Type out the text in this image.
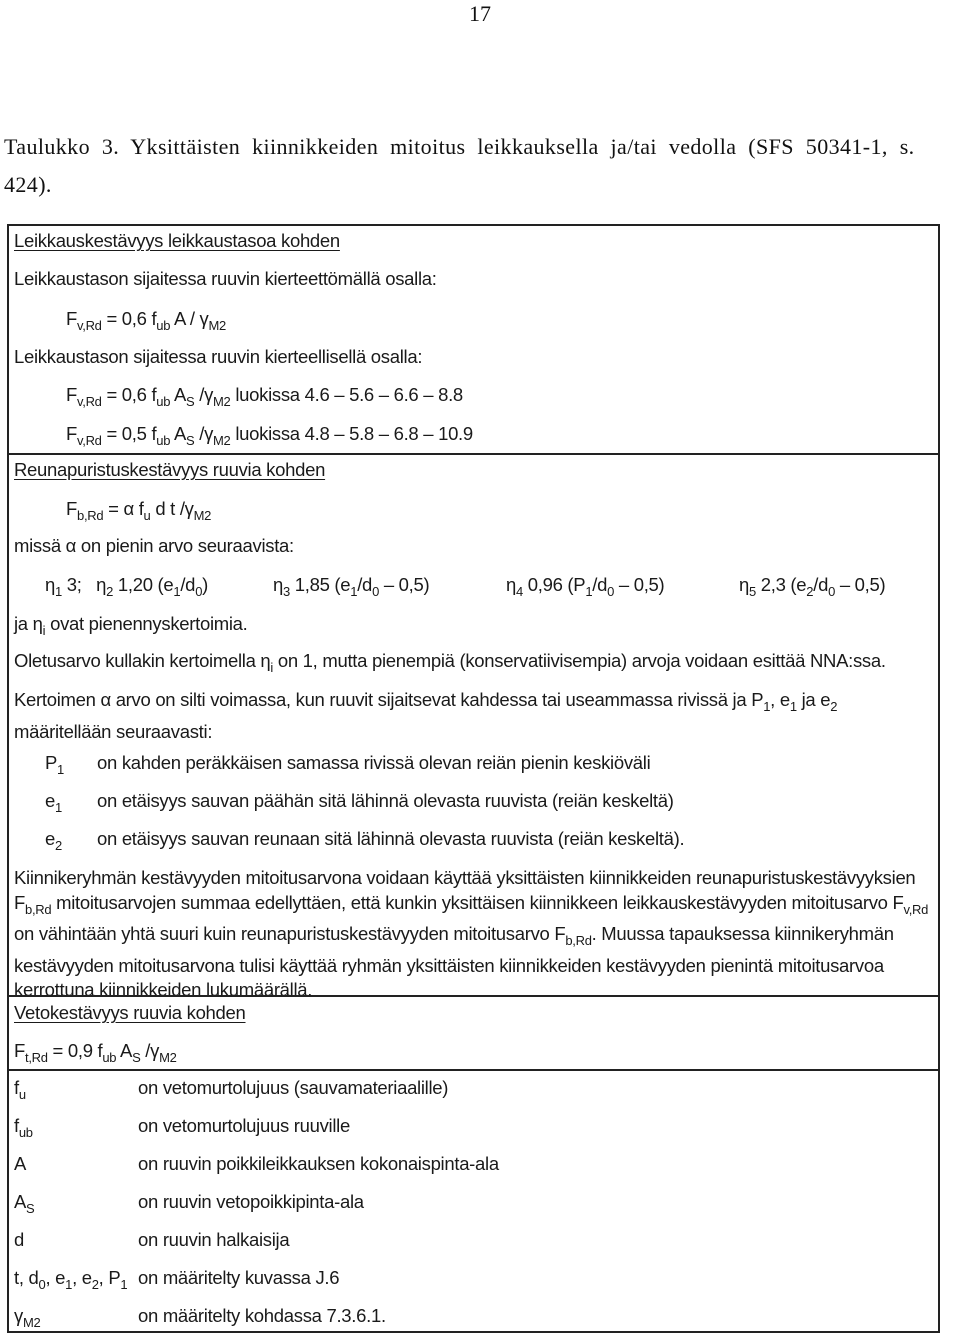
17
Taulukko 3. Yksittäisten kiinnikkeiden mitoitus leikkauksella ja/tai vedolla (SFS 50341-1, s. 424).
Leikkauskestävyys leikkaustasoa kohden
Leikkaustason sijaitessa ruuvin kierteettömällä osalla:
$F_{v,Rd} = 0,6$ $f_{ub}$ A / $\gamma_{M2}$
Leikkaustason sijaitessa ruuvin kierteellisellä osalla:
$F_{v,Rd} = 0,6$ $f_{ub}$ $A_S$ $/\gamma_{M2}$ luokissa 4.6 – 5.6 – 6.6 – 8.8
$F_{v,Rd} = 0,5$ $f_{ub}$ $A_S$ $/\gamma_{M2}$ luokissa 4.8 – 5.8 – 6.8 – 10.9
Reunapuristuskestävyys ruuvia kohden
$F_{b,Rd} = \alpha$ $f_u$ d t $/\gamma_{M2}$
missä α on pienin arvo seuraavista:
$\eta_1$ 3;   $\eta_2$ 1,20 $(e_1/d_0)$	$\eta_3$ 1,85 $(e_1/d_0 - 0,5)$	$\eta_4$ 0,96 $(P_1/d_0 - 0,5)$	$\eta_5$ 2,3 $(e_2/d_0 - 0,5)$
ja $\eta_i$ ovat pienennyskertoimia.
Oletusarvo kullakin kertoimella $\eta_i$ on 1, mutta pienempiä (konservatiivisempia) arvoja voidaan esittää NNA:ssa.
Kertoimen α arvo on silti voimassa, kun ruuvit sijaitsevat kahdessa tai useammassa rivissä ja $P_1$, $e_1$ ja $e_2$ määritellään seuraavasti:
$P_1$ on kahden peräkkäisen samassa rivissä olevan reiän pienin keskiöväli
$e_1$ on etäisyys sauvan päähän sitä lähinnä olevasta ruuvista (reiän keskeltä)
$e_2$ on etäisyys sauvan reunaan sitä lähinnä olevasta ruuvista (reiän keskeltä).
Kiinnikeryhmän kestävyyden mitoitusarvona voidaan käyttää yksittäisten kiinnikkeiden reunapuristuskestävyyksien $F_{b,Rd}$ mitoitusarvojen summaa edellyttäen, että kunkin yksittäisen kiinnikkeen leikkauskestävyyden mitoitusarvo $F_{v,Rd}$ on vähintään yhtä suuri kuin reunapuristuskestävyyden mitoitusarvo $F_{b,Rd}$. Muussa tapauksessa kiinnikeryhmän kestävyyden mitoitusarvona tulisi käyttää ryhmän yksittäisten kiinnikkeiden kestävyyden pienintä mitoitusarvoa kerrottuna kiinnikkeiden lukumäärällä.
Vetokestävyys ruuvia kohden
$F_{t,Rd} = 0,9$ $f_{ub}$ $A_S$ $/\gamma_{M2}$
$f_u$	on vetomurtolujuus (sauvamateriaalille)
$f_{ub}$	on vetomurtolujuus ruuville
A	on ruuvin poikkileikkauksen kokonaispinta-ala
$A_S$	on ruuvin vetopoikkipinta-ala
d	on ruuvin halkaisija
t, $d_0$, $e_1$, $e_2$, $P_1$ on määritelty kuvassa J.6
$\gamma_{M2}$	on määritelty kohdassa 7.3.6.1.
